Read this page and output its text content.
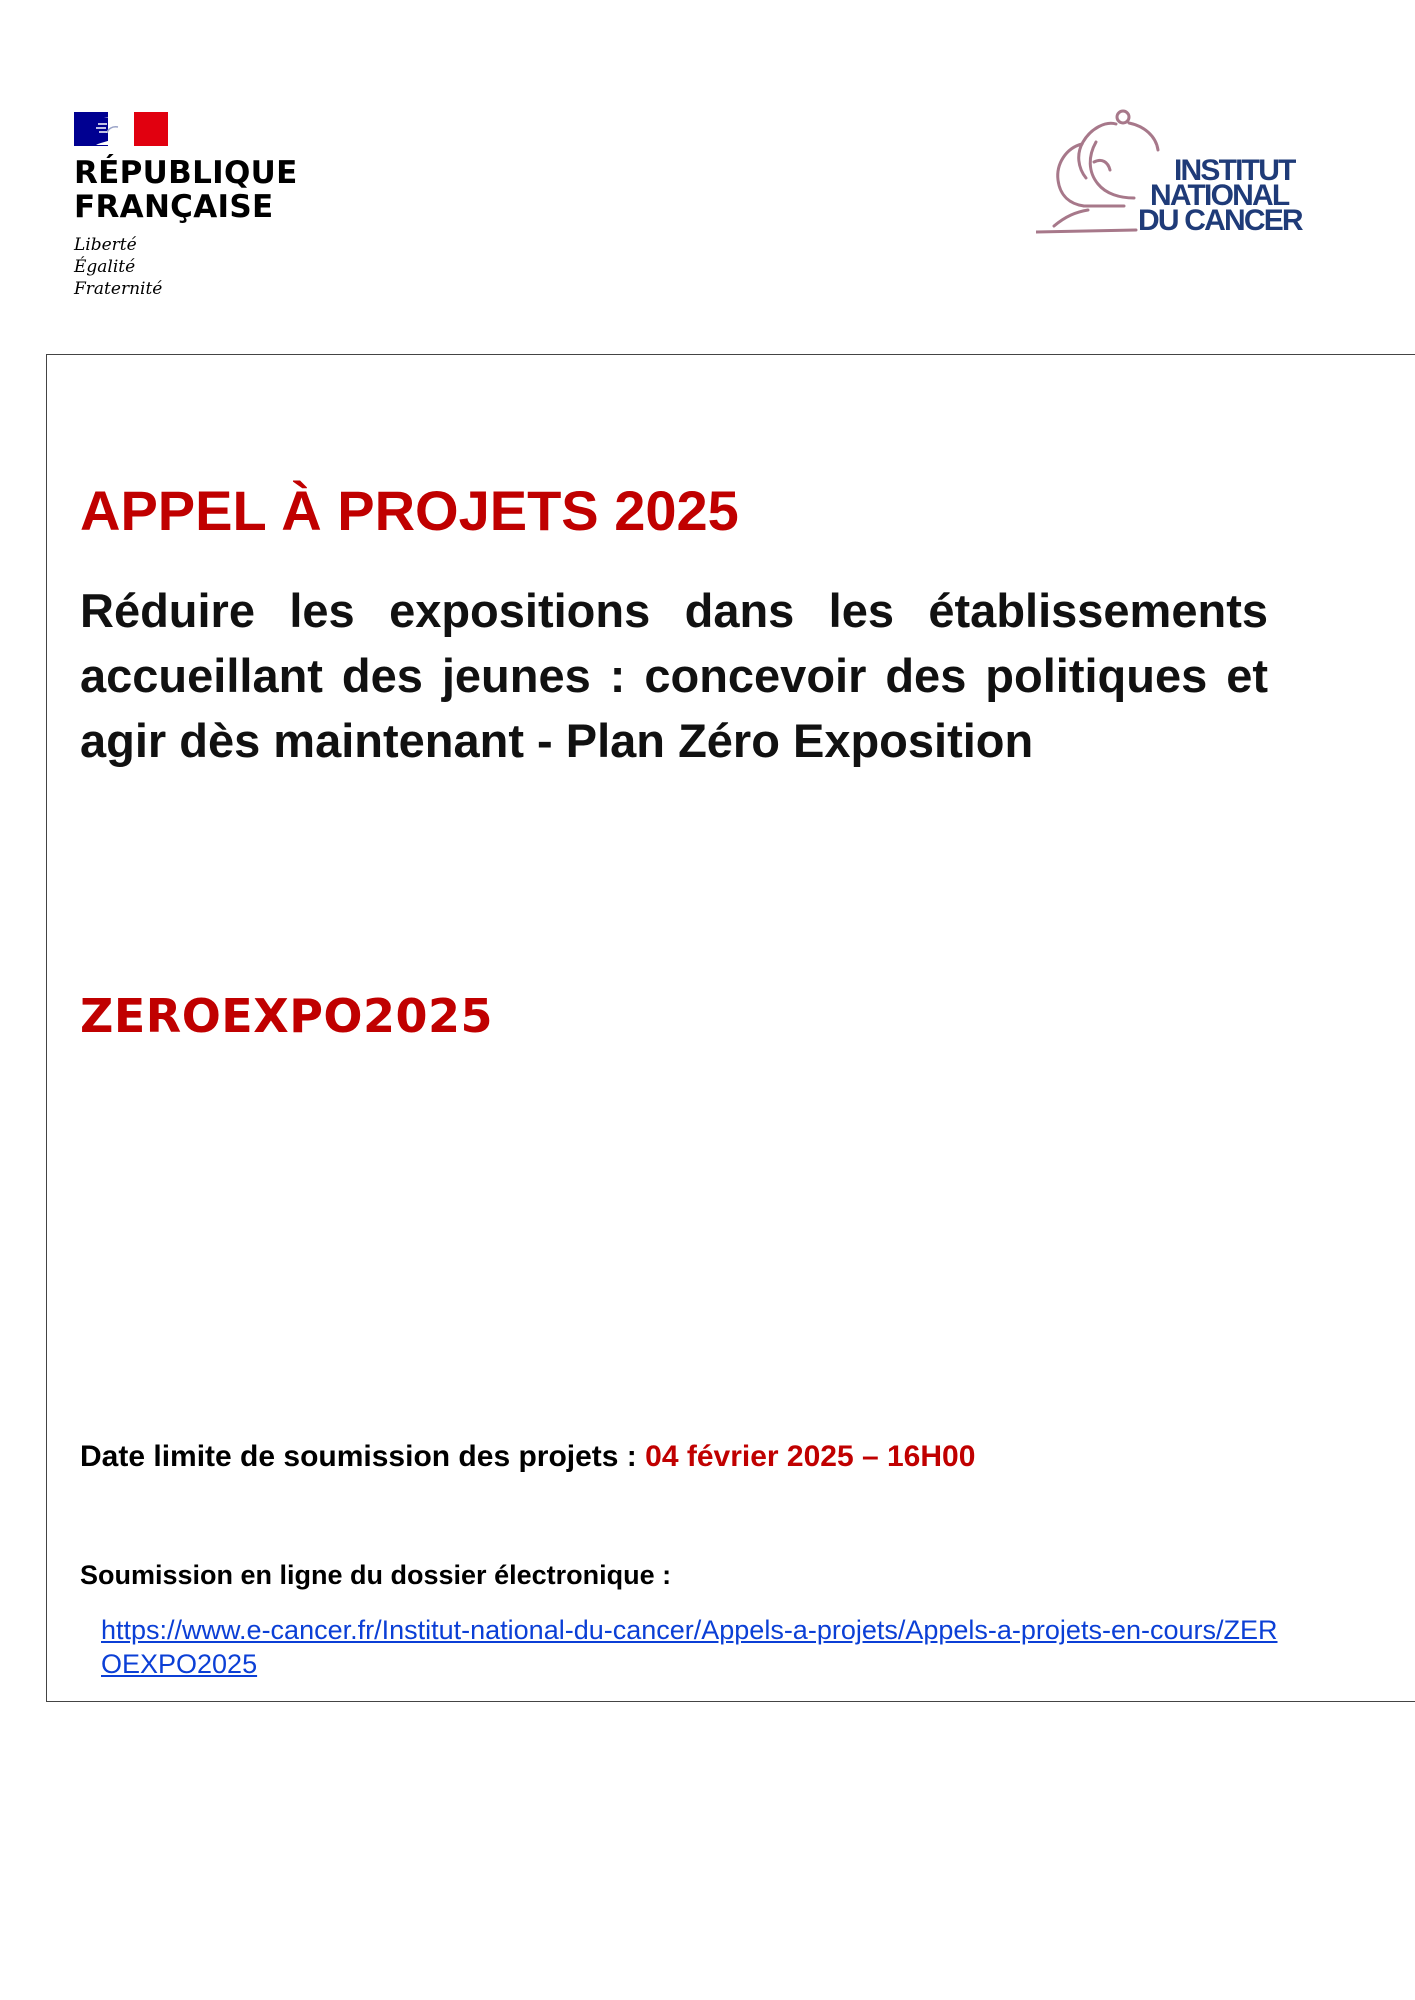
RÉPUBLIQUE
FRANÇAISE
Liberté
Égalité
Fraternité
INSTITUT
NATIONAL
DU CANCER
APPEL À PROJETS 2025

Réduire les expositions dans les établissements accueillant des jeunes : concevoir des politiques et agir dès maintenant - Plan Zéro Exposition

ZEROEXPO2025
Date limite de soumission des projets : 04 février 2025 – 16H00
Soumission en ligne du dossier électronique :
https://www.e-cancer.fr/Institut-national-du-cancer/Appels-a-projets/Appels-a-projets-en-cours/ZEROEXPO2025
